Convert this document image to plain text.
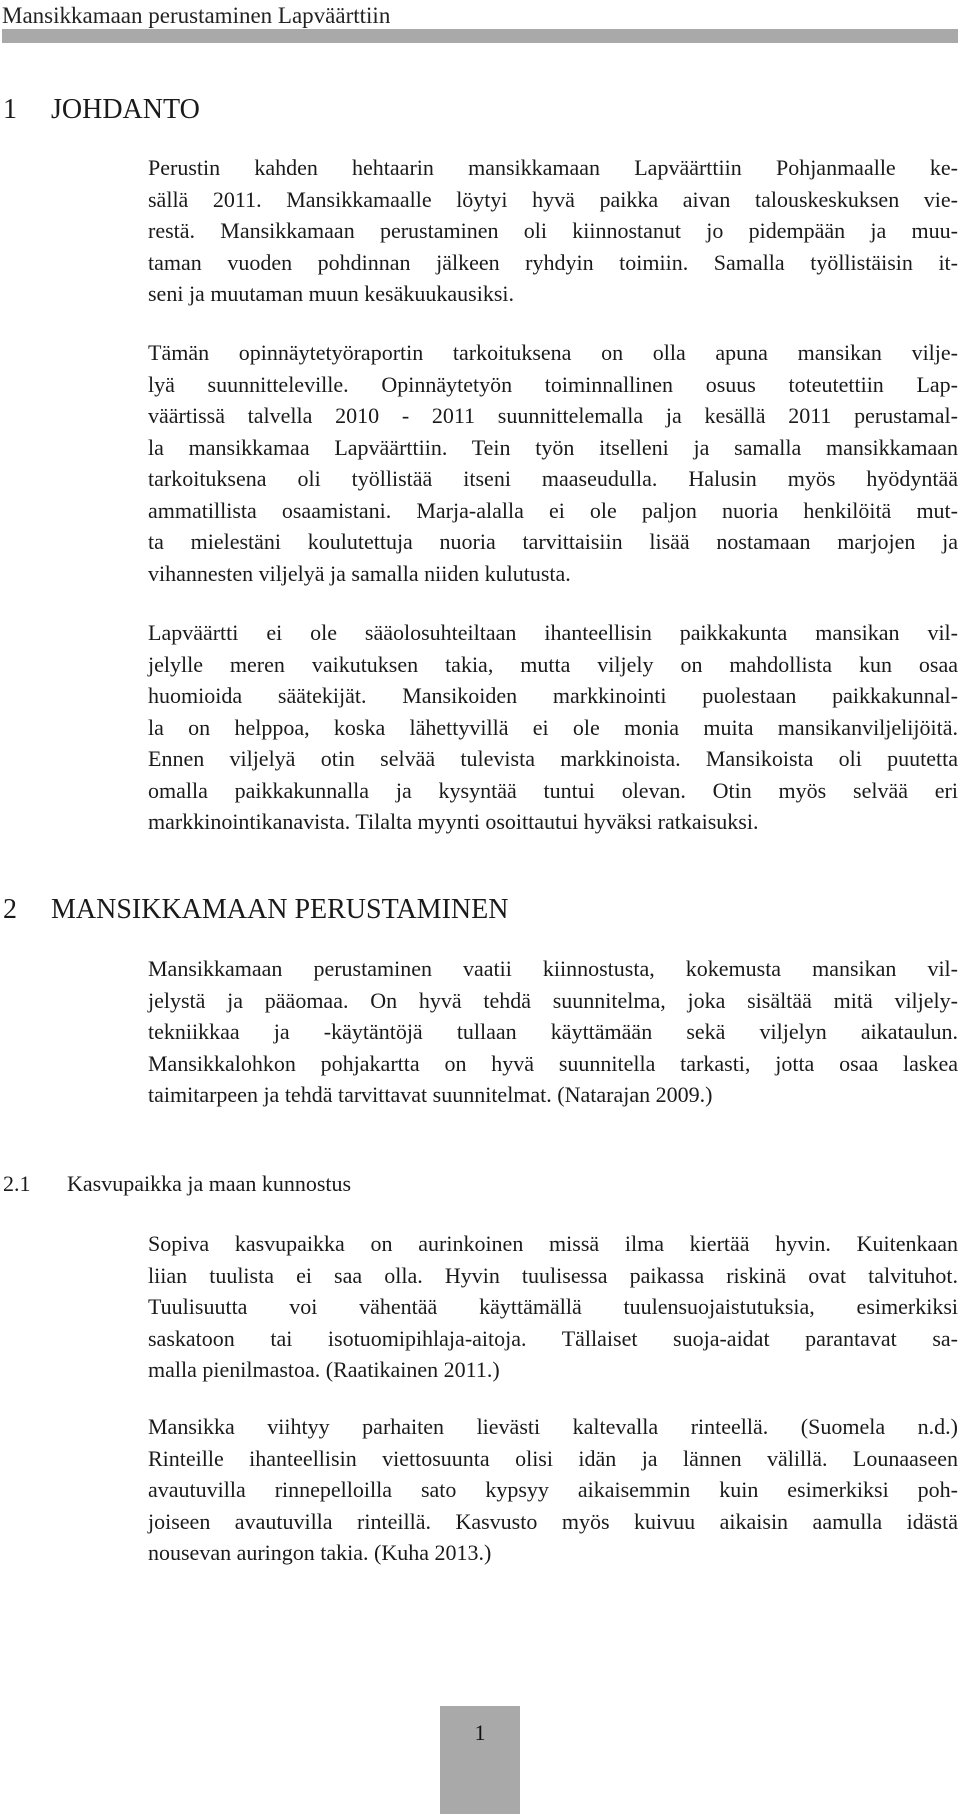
Mansikkamaan perustaminen Lapväärttiin
1 JOHDANTO
Perustin kahden hehtaarin mansikkamaan Lapväärttiin Pohjanmaalle ke-
sällä 2011. Mansikkamaalle löytyi hyvä paikka aivan talouskeskuksen vie-
restä. Mansikkamaan perustaminen oli kiinnostanut jo pidempään ja muu-
taman vuoden pohdinnan jälkeen ryhdyin toimiin. Samalla työllistäisin it-
seni ja muutaman muun kesäkuukausiksi.
Tämän opinnäytetyöraportin tarkoituksena on olla apuna mansikan vilje-
lyä suunnitteleville. Opinnäytetyön toiminnallinen osuus toteutettiin Lap-
väärtissä talvella 2010 - 2011 suunnittelemalla ja kesällä 2011 perustamal-
la mansikkamaa Lapväärttiin. Tein työn itselleni ja samalla mansikkamaan
tarkoituksena oli työllistää itseni maaseudulla. Halusin myös hyödyntää
ammatillista osaamistani. Marja-alalla ei ole paljon nuoria henkilöitä mut-
ta mielestäni koulutettuja nuoria tarvittaisiin lisää nostamaan marjojen ja
vihannesten viljelyä ja samalla niiden kulutusta.
Lapväärtti ei ole sääolosuhteiltaan ihanteellisin paikkakunta mansikan vil-
jelylle meren vaikutuksen takia, mutta viljely on mahdollista kun osaa
huomioida säätekijät. Mansikoiden markkinointi puolestaan paikkakunnal-
la on helppoa, koska lähettyvillä ei ole monia muita mansikanviljelijöitä.
Ennen viljelyä otin selvää tulevista markkinoista. Mansikoista oli puutetta
omalla paikkakunnalla ja kysyntää tuntui olevan. Otin myös selvää eri
markkinointikanavista. Tilalta myynti osoittautui hyväksi ratkaisuksi.
2 MANSIKKAMAAN PERUSTAMINEN
Mansikkamaan perustaminen vaatii kiinnostusta, kokemusta mansikan vil-
jelystä ja pääomaa. On hyvä tehdä suunnitelma, joka sisältää mitä viljely-
tekniikkaa ja -käytäntöjä tullaan käyttämään sekä viljelyn aikataulun.
Mansikkalohkon pohjakartta on hyvä suunnitella tarkasti, jotta osaa laskea
taimitarpeen ja tehdä tarvittavat suunnitelmat. (Natarajan 2009.)
2.1 Kasvupaikka ja maan kunnostus
Sopiva kasvupaikka on aurinkoinen missä ilma kiertää hyvin. Kuitenkaan
liian tuulista ei saa olla. Hyvin tuulisessa paikassa riskinä ovat talvituhot.
Tuulisuutta voi vähentää käyttämällä tuulensuojaistutuksia, esimerkiksi
saskatoon tai isotuomipihlaja-aitoja. Tällaiset suoja-aidat parantavat sa-
malla pienilmastoa. (Raatikainen 2011.)
Mansikka viihtyy parhaiten lievästi kaltevalla rinteellä. (Suomela n.d.)
Rinteille ihanteellisin viettosuunta olisi idän ja lännen välillä. Lounaaseen
avautuvilla rinnepelloilla sato kypsyy aikaisemmin kuin esimerkiksi poh-
joiseen avautuvilla rinteillä. Kasvusto myös kuivuu aikaisin aamulla idästä
nousevan auringon takia. (Kuha 2013.)
1
